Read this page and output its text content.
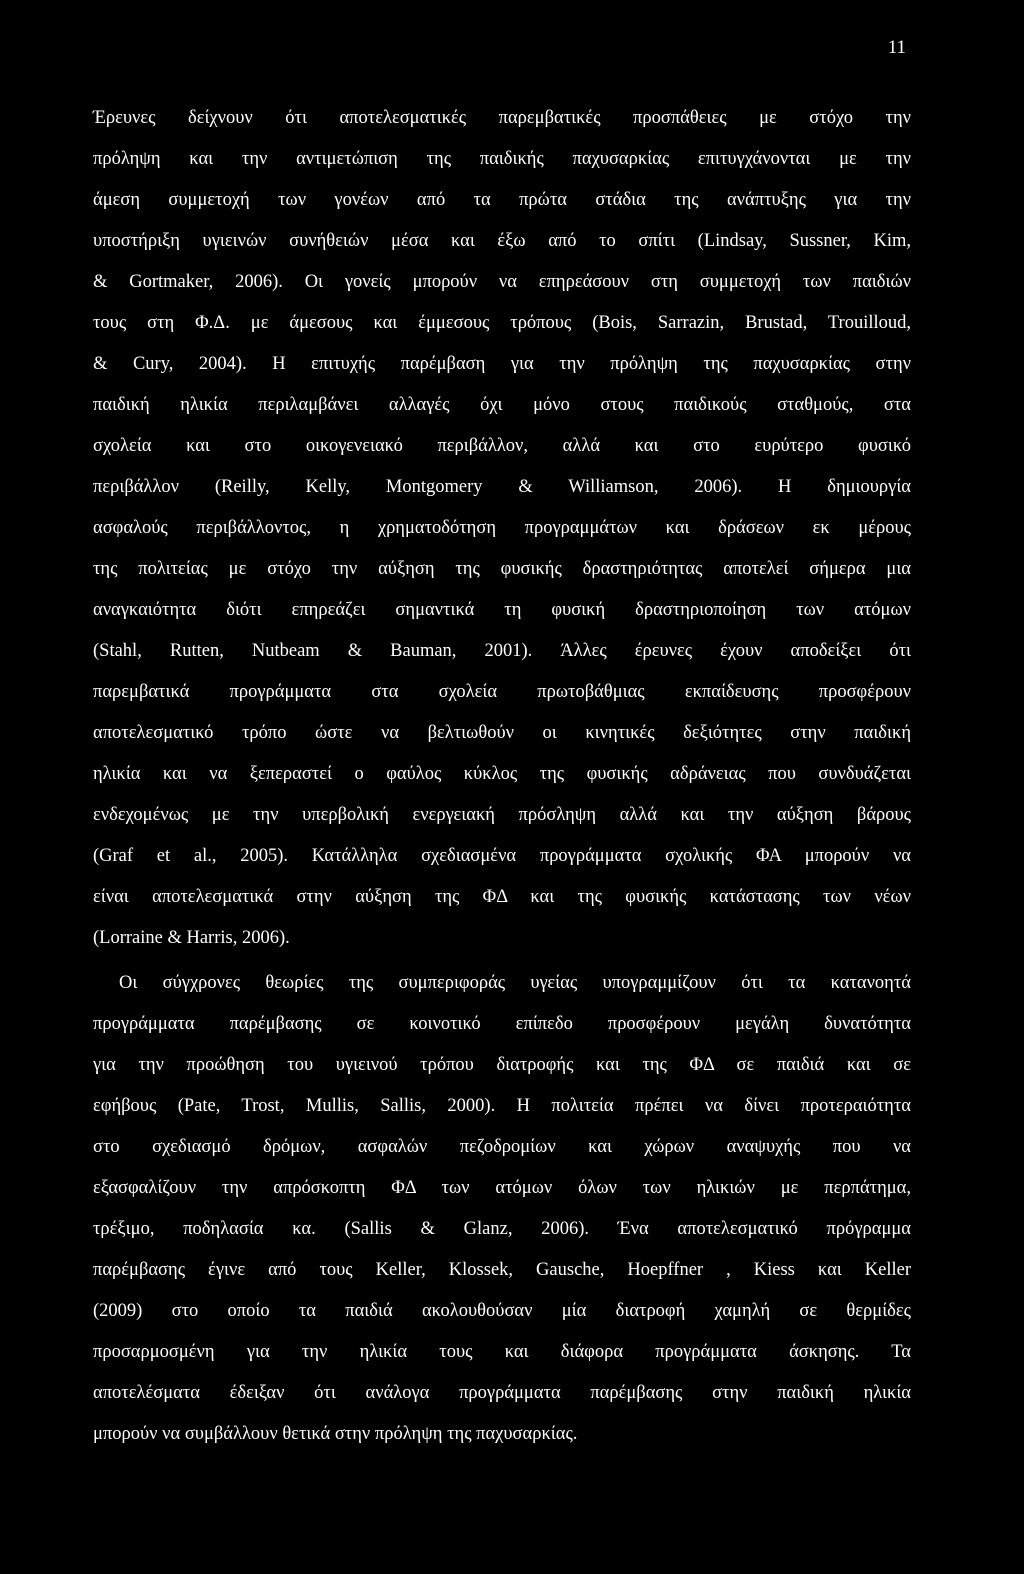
11
Έρευνες δείχνουν ότι αποτελεσματικές παρεμβατικές προσπάθειες με στόχο την
πρόληψη και την αντιμετώπιση της παιδικής παχυσαρκίας επιτυγχάνονται με την
άμεση συμμετοχή των γονέων από τα πρώτα στάδια της ανάπτυξης για την
υποστήριξη υγιεινών συνήθειών μέσα και έξω από το σπίτι (Lindsay, Sussner, Kim,
& Gortmaker, 2006). Οι γονείς μπορούν να επηρεάσουν στη συμμετοχή των παιδιών
τους στη Φ.Δ. με άμεσους και έμμεσους τρόπους (Bois, Sarrazin, Brustad, Trouilloud,
& Cury, 2004). Η επιτυχής παρέμβαση για την πρόληψη της παχυσαρκίας στην
παιδική ηλικία περιλαμβάνει αλλαγές όχι μόνο στους παιδικούς σταθμούς, στα
σχολεία και στο οικογενειακό περιβάλλον, αλλά και στο ευρύτερο φυσικό
περιβάλλον (Reilly, Kelly, Montgomery & Williamson, 2006). Η δημιουργία
ασφαλούς περιβάλλοντος, η χρηματοδότηση προγραμμάτων και δράσεων εκ μέρους
της πολιτείας με στόχο την αύξηση της φυσικής δραστηριότητας αποτελεί σήμερα μια
αναγκαιότητα διότι επηρεάζει σημαντικά τη φυσική δραστηριοποίηση των ατόμων
(Stahl, Rutten, Nutbeam & Bauman, 2001). Άλλες έρευνες έχουν αποδείξει ότι
παρεμβατικά προγράμματα στα σχολεία πρωτοβάθμιας εκπαίδευσης προσφέρουν
αποτελεσματικό τρόπο ώστε να βελτιωθούν οι κινητικές δεξιότητες στην παιδική
ηλικία και να ξεπεραστεί ο φαύλος κύκλος της φυσικής αδράνειας που συνδυάζεται
ενδεχομένως με την υπερβολική ενεργειακή πρόσληψη αλλά και την αύξηση βάρους
(Graf et al., 2005). Κατάλληλα σχεδιασμένα προγράμματα σχολικής ΦΑ μπορούν να
είναι αποτελεσματικά στην αύξηση της ΦΔ και της φυσικής κατάστασης των νέων
(Lorraine & Harris, 2006).
Οι σύγχρονες θεωρίες της συμπεριφοράς υγείας υπογραμμίζουν ότι τα κατανοητά
προγράμματα παρέμβασης σε κοινοτικό επίπεδο προσφέρουν μεγάλη δυνατότητα
για την προώθηση του υγιεινού τρόπου διατροφής και της ΦΔ σε παιδιά και σε
εφήβους (Pate, Trost, Mullis, Sallis, 2000). Η πολιτεία πρέπει να δίνει προτεραιότητα
στο σχεδιασμό δρόμων, ασφαλών πεζοδρομίων και χώρων αναψυχής που να
εξασφαλίζουν την απρόσκοπτη ΦΔ των ατόμων όλων των ηλικιών με περπάτημα,
τρέξιμο, ποδηλασία κα. (Sallis & Glanz, 2006). Ένα αποτελεσματικό πρόγραμμα
παρέμβασης έγινε από τους Keller, Klossek, Gausche, Hoepffner , Kiess και Keller
(2009) στο οποίο τα παιδιά ακολουθούσαν μία διατροφή χαμηλή σε θερμίδες
προσαρμοσμένη για την ηλικία τους και διάφορα προγράμματα άσκησης. Τα
αποτελέσματα έδειξαν ότι ανάλογα προγράμματα παρέμβασης στην παιδική ηλικία
μπορούν να συμβάλλουν θετικά στην πρόληψη της παχυσαρκίας.
